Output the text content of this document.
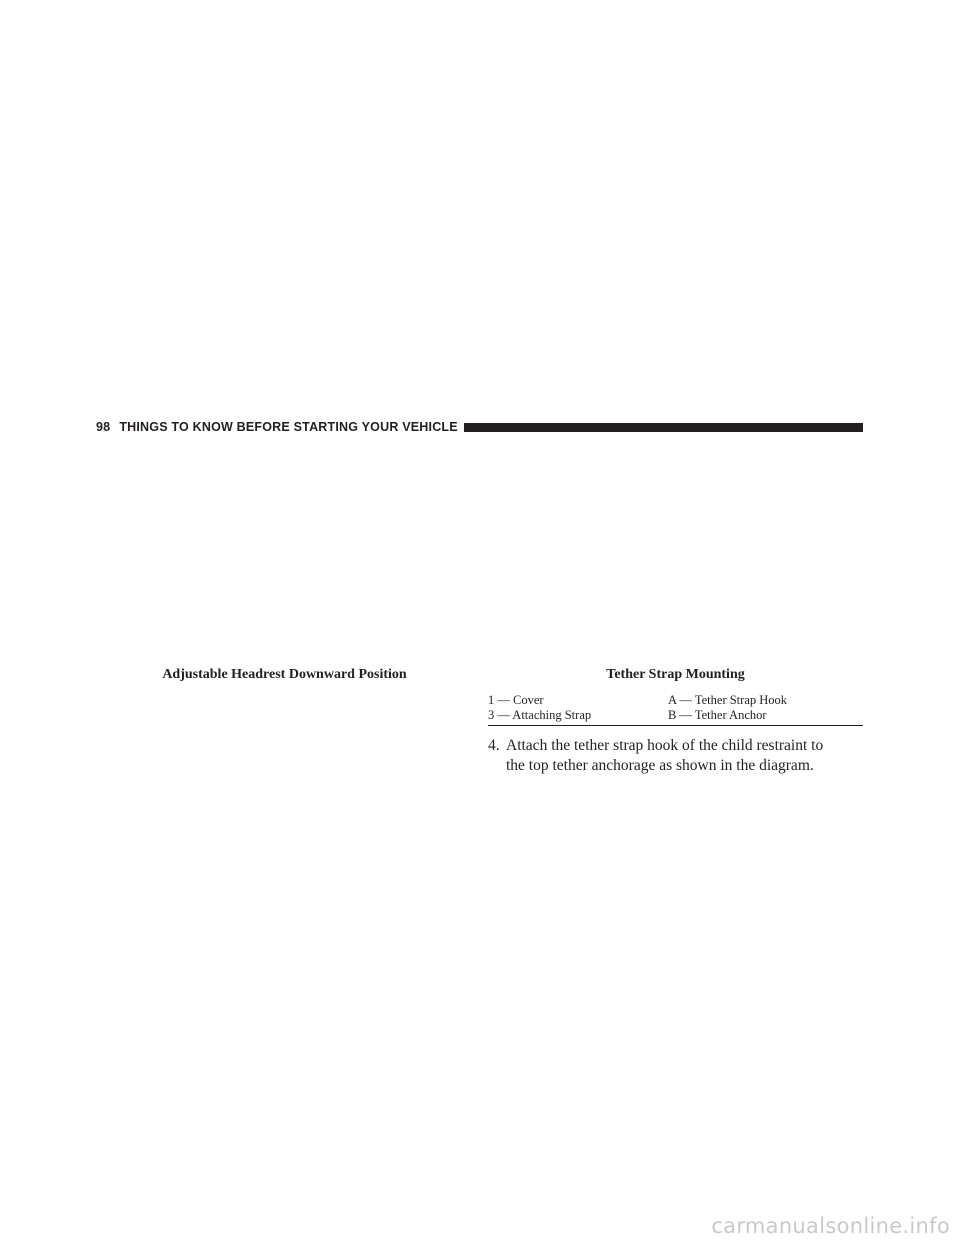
98 THINGS TO KNOW BEFORE STARTING YOUR VEHICLE
Adjustable Headrest Downward Position	Tether Strap Mounting
1 — Cover	A — Tether Strap Hook
3 — Attaching Strap	B — Tether Anchor
4. Attach the tether strap hook of the child restraint to
the top tether anchorage as shown in the diagram.
carmanualsonline.info
